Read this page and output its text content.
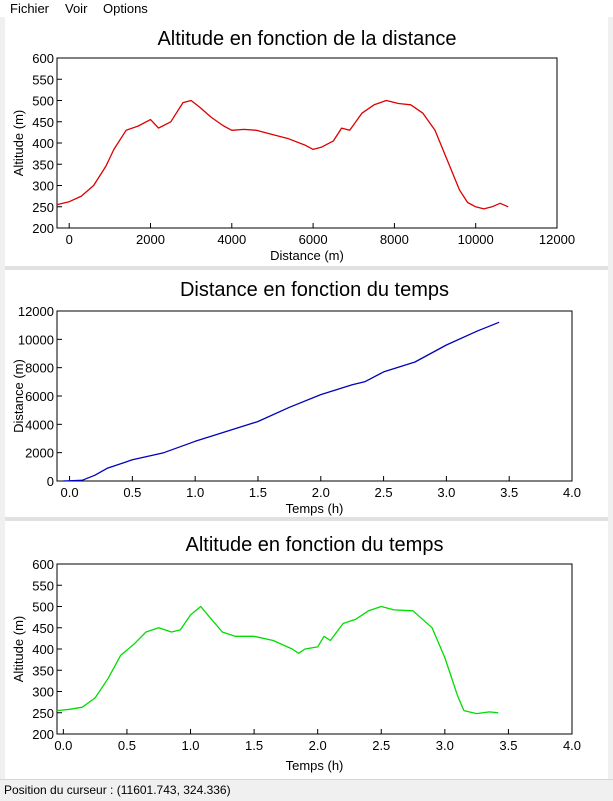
Fichier Voir Options
Altitude en fonction de la distance
200
250
300
350
400
450
500
550
600
0	2000	4000	6000	8000	10000	12000
Distance (m)
Altitude (m)
Distance en fonction du temps
0
2000
4000
6000
8000
10000
12000
0.0	0.5	1.0	1.5	2.0	2.5	3.0	3.5	4.0
Temps (h)
Distance (m)
Altitude en fonction du temps
200
250
300
350
400
450
500
550
600
0.0	0.5	1.0	1.5	2.0	2.5	3.0	3.5	4.0
Temps (h)
Altitude (m)
Position du curseur : (11601.743, 324.336)
